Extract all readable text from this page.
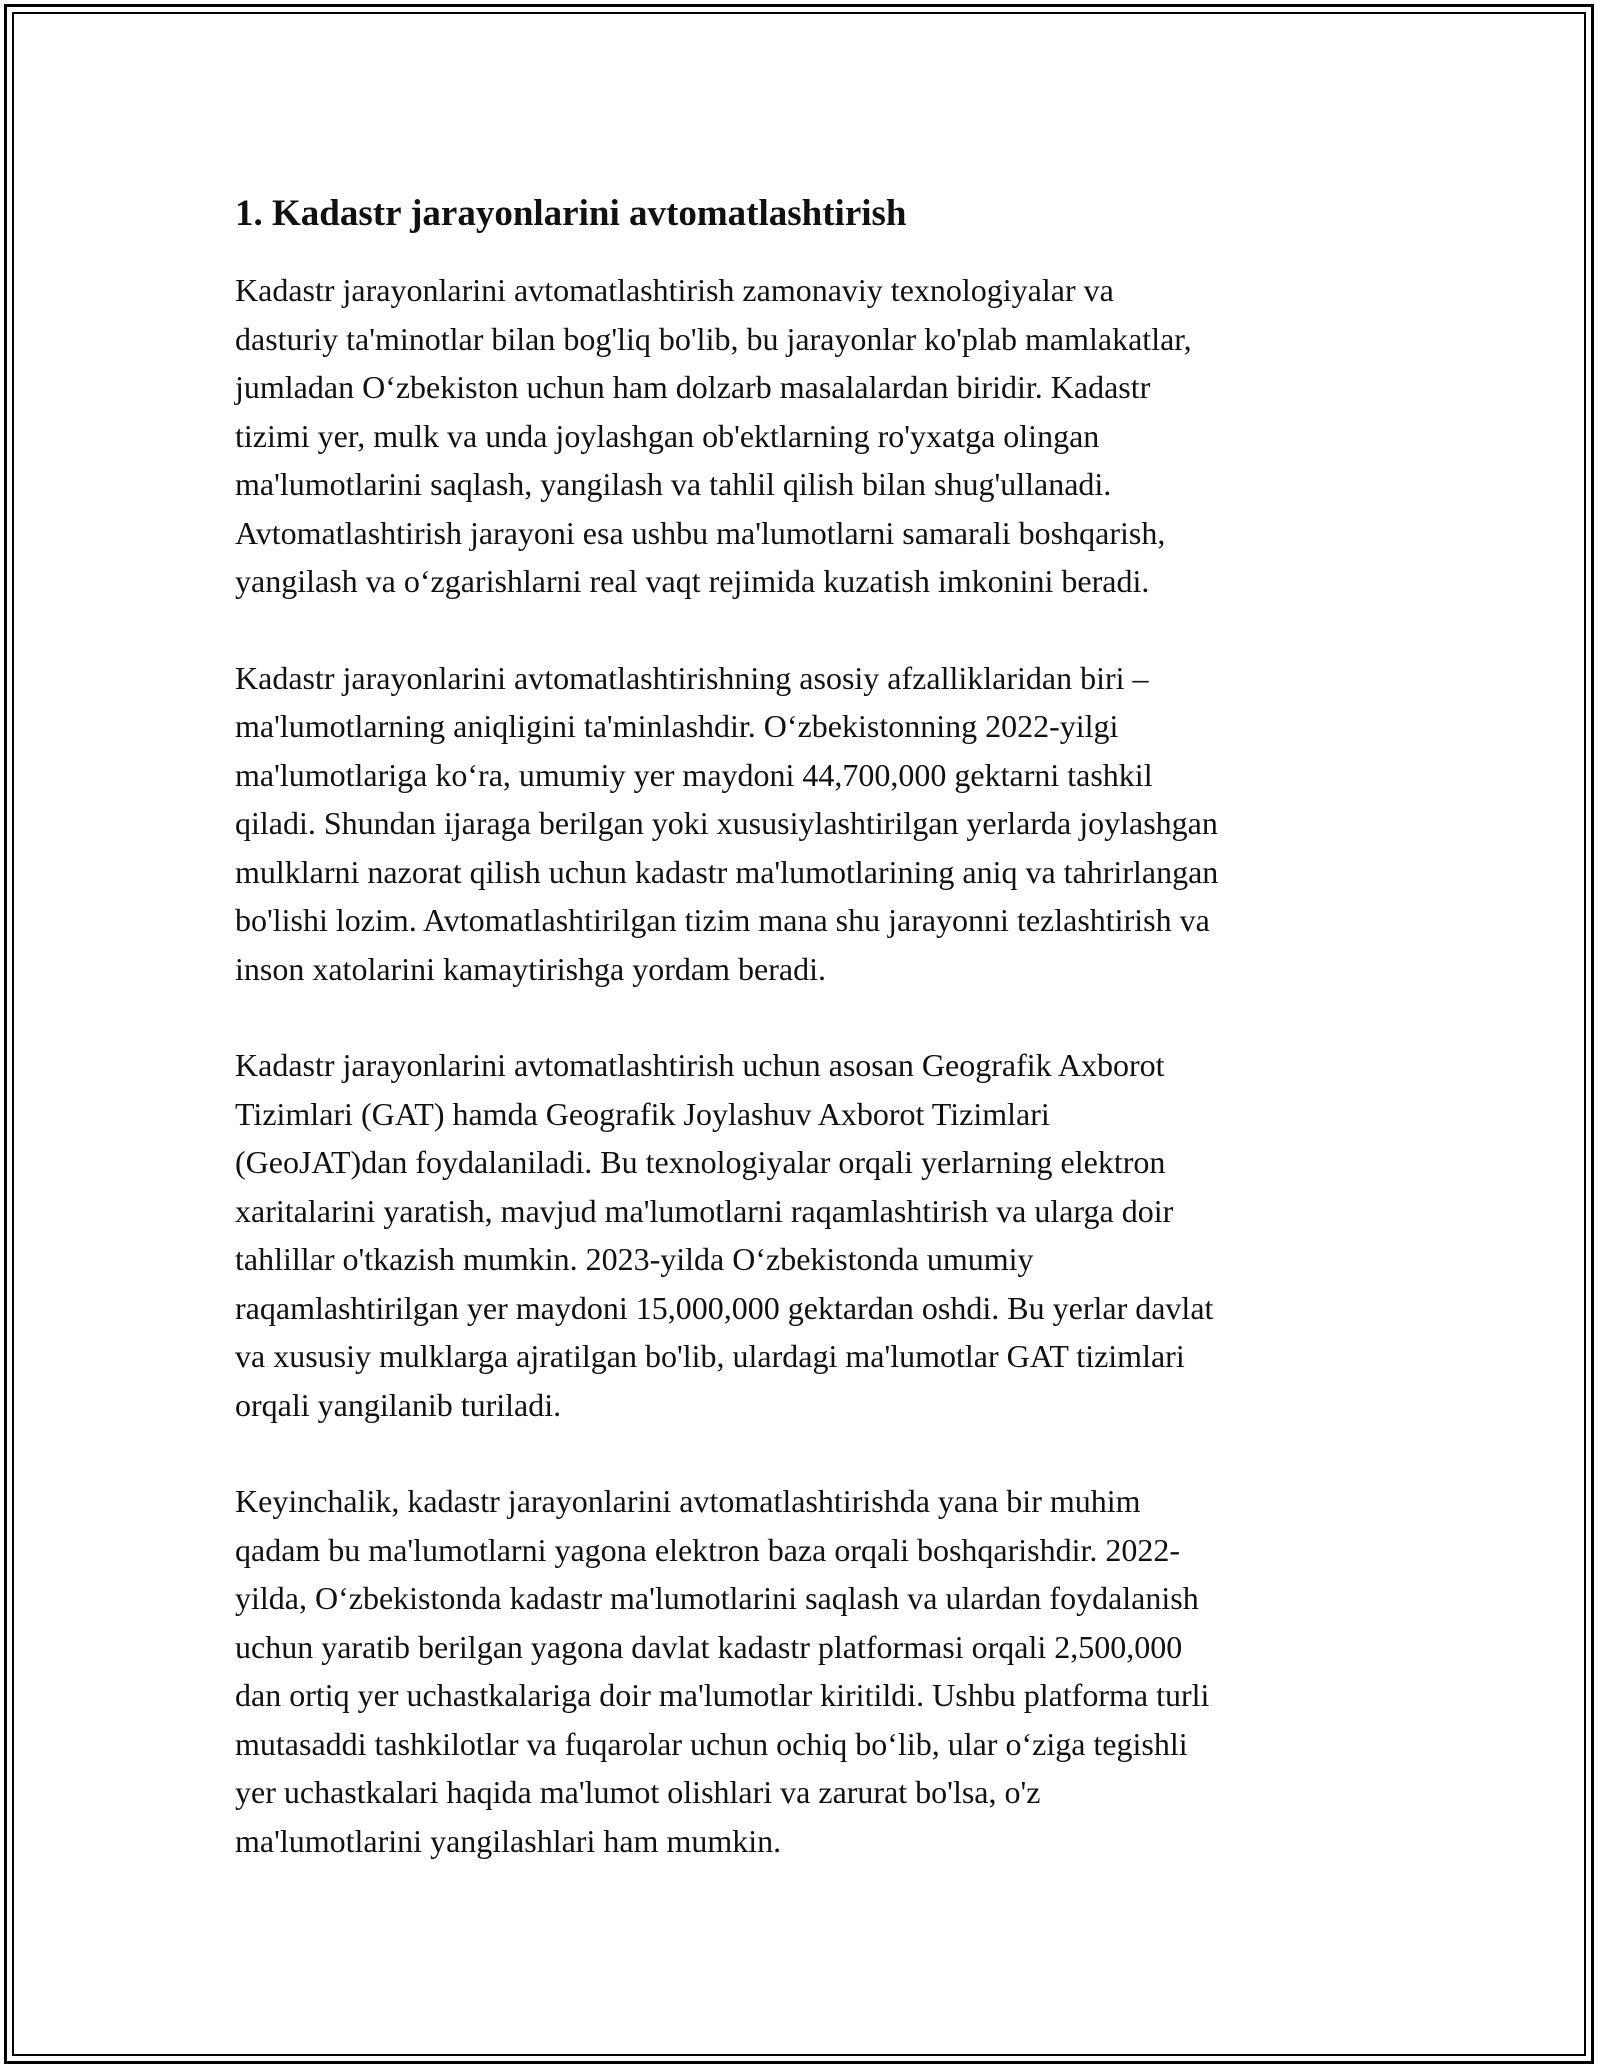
1. Kadastr jarayonlarini avtomatlashtirish

Kadastr jarayonlarini avtomatlashtirish zamonaviy texnologiyalar va
dasturiy ta'minotlar bilan bog'liq bo'lib, bu jarayonlar ko'plab mamlakatlar,
jumladan O‘zbekiston uchun ham dolzarb masalalardan biridir. Kadastr
tizimi yer, mulk va unda joylashgan ob'ektlarning ro'yxatga olingan
ma'lumotlarini saqlash, yangilash va tahlil qilish bilan shug'ullanadi.
Avtomatlashtirish jarayoni esa ushbu ma'lumotlarni samarali boshqarish,
yangilash va o‘zgarishlarni real vaqt rejimida kuzatish imkonini beradi.

Kadastr jarayonlarini avtomatlashtirishning asosiy afzalliklaridan biri –
ma'lumotlarning aniqligini ta'minlashdir. O‘zbekistonning 2022-yilgi
ma'lumotlariga ko‘ra, umumiy yer maydoni 44,700,000 gektarni tashkil
qiladi. Shundan ijaraga berilgan yoki xususiylashtirilgan yerlarda joylashgan
mulklarni nazorat qilish uchun kadastr ma'lumotlarining aniq va tahrirlangan
bo'lishi lozim. Avtomatlashtirilgan tizim mana shu jarayonni tezlashtirish va
inson xatolarini kamaytirishga yordam beradi.

Kadastr jarayonlarini avtomatlashtirish uchun asosan Geografik Axborot
Tizimlari (GAT) hamda Geografik Joylashuv Axborot Tizimlari
(GeoJAT)dan foydalaniladi. Bu texnologiyalar orqali yerlarning elektron
xaritalarini yaratish, mavjud ma'lumotlarni raqamlashtirish va ularga doir
tahlillar o'tkazish mumkin. 2023-yilda O‘zbekistonda umumiy
raqamlashtirilgan yer maydoni 15,000,000 gektardan oshdi. Bu yerlar davlat
va xususiy mulklarga ajratilgan bo'lib, ulardagi ma'lumotlar GAT tizimlari
orqali yangilanib turiladi.

Keyinchalik, kadastr jarayonlarini avtomatlashtirishda yana bir muhim
qadam bu ma'lumotlarni yagona elektron baza orqali boshqarishdir. 2022-
yilda, O‘zbekistonda kadastr ma'lumotlarini saqlash va ulardan foydalanish
uchun yaratib berilgan yagona davlat kadastr platformasi orqali 2,500,000
dan ortiq yer uchastkalariga doir ma'lumotlar kiritildi. Ushbu platforma turli
mutasaddi tashkilotlar va fuqarolar uchun ochiq bo‘lib, ular o‘ziga tegishli
yer uchastkalari haqida ma'lumot olishlari va zarurat bo'lsa, o'z
ma'lumotlarini yangilashlari ham mumkin.
